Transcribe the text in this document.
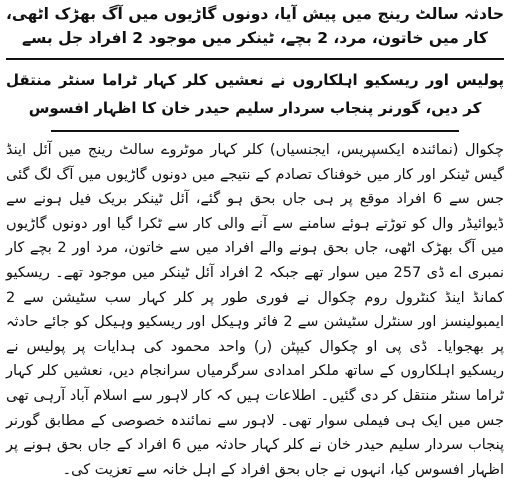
حادثہ سالٹ رینج میں پیش آیا، دونوں گاڑیوں میں آگ بھڑک اٹھی، کار میں خاتون، مرد، 2 بچے، ٹینکر میں موجود 2 افراد جل بسے
پولیس اور ریسکیو اہلکاروں نے نعشیں کلر کہار ٹراما سنٹر منتقل کر دیں، گورنر پنجاب سردار سلیم حیدر خان کا اظہار افسوس

چکوال (نمائندہ ایکسپریس، ایجنسیاں) کلر کہار موٹروے سالٹ رینج میں آئل اینڈ گیس ٹینکر اور کار میں خوفناک تصادم کے نتیجے میں دونوں گاڑیوں میں آگ لگ گئی جس سے 6 افراد موقع پر ہی جاں بحق ہو گئے، آئل ٹینکر بریک فیل ہونے سے ڈیوائیڈر وال کو توڑتے ہوئے سامنے سے آنے والی کار سے ٹکرا گیا اور دونوں گاڑیوں میں آگ بھڑک اٹھی، جاں بحق ہونے والے افراد میں سے خاتون، مرد اور 2 بچے کار نمبری اے ڈی 257 میں سوار تھے جبکہ 2 افراد آئل ٹینکر میں موجود تھے۔ ریسکیو کمانڈ اینڈ کنٹرول روم چکوال نے فوری طور پر کلر کہار سب سٹیشن سے 2 ایمبولینسز اور سنٹرل سٹیشن سے 2 فائر وہیکل اور ریسکیو وہیکل کو جائے حادثہ پر بھجوایا۔ ڈی پی او چکوال کیپٹن (ر) واحد محمود کی ہدایات پر پولیس نے ریسکیو اہلکاروں کے ساتھ ملکر امدادی سرگرمیاں سرانجام دیں، نعشیں کلر کہار ٹراما سنٹر منتقل کر دی گئیں۔ اطلاعات ہیں کہ کار لاہور سے اسلام آباد آرہی تھی جس میں ایک ہی فیملی سوار تھی۔ لاہور سے نمائندہ خصوصی کے مطابق گورنر پنجاب سردار سلیم حیدر خان نے کلر کہار حادثہ میں 6 افراد کے جاں بحق ہونے پر اظہار افسوس کیا، انہوں نے جاں بحق افراد کے اہل خانہ سے تعزیت کی۔
